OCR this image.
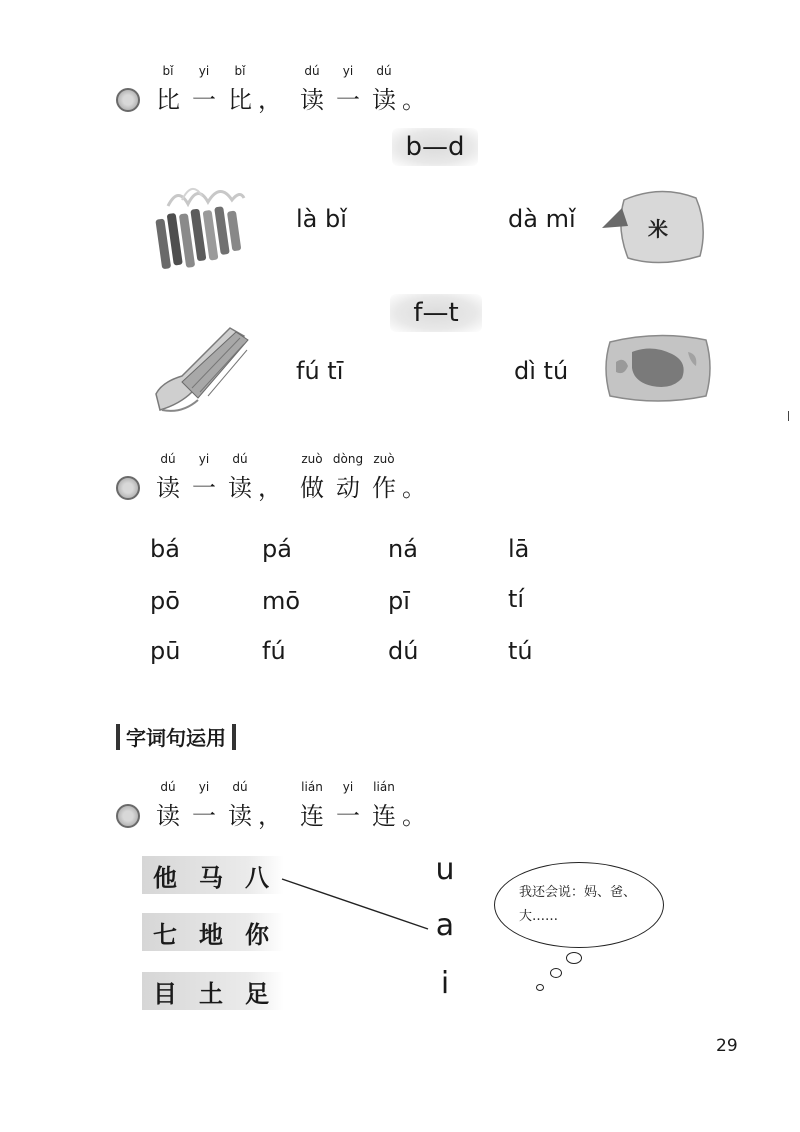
bǐ
比
yi
一
bǐ
比 ，
dú
读
yi
一
dú
读 。
b—d
là bǐ	dà mǐ	米
f—t
fú tī	dì tú
dú
读
yi
一
dú
读 ，
zuò
做
dòng
动
zuò
作 。
bá	pá	ná	lā
pō	mō	pī	tí
pū	fú	dú	tú
字词句运用
dú
读
yi
一
dú
读 ，
lián
连
yi
一
lián
连 。
他 马 八
七 地 你
目 土 足
u
a
i
我还会说：妈、爸、大……
29
